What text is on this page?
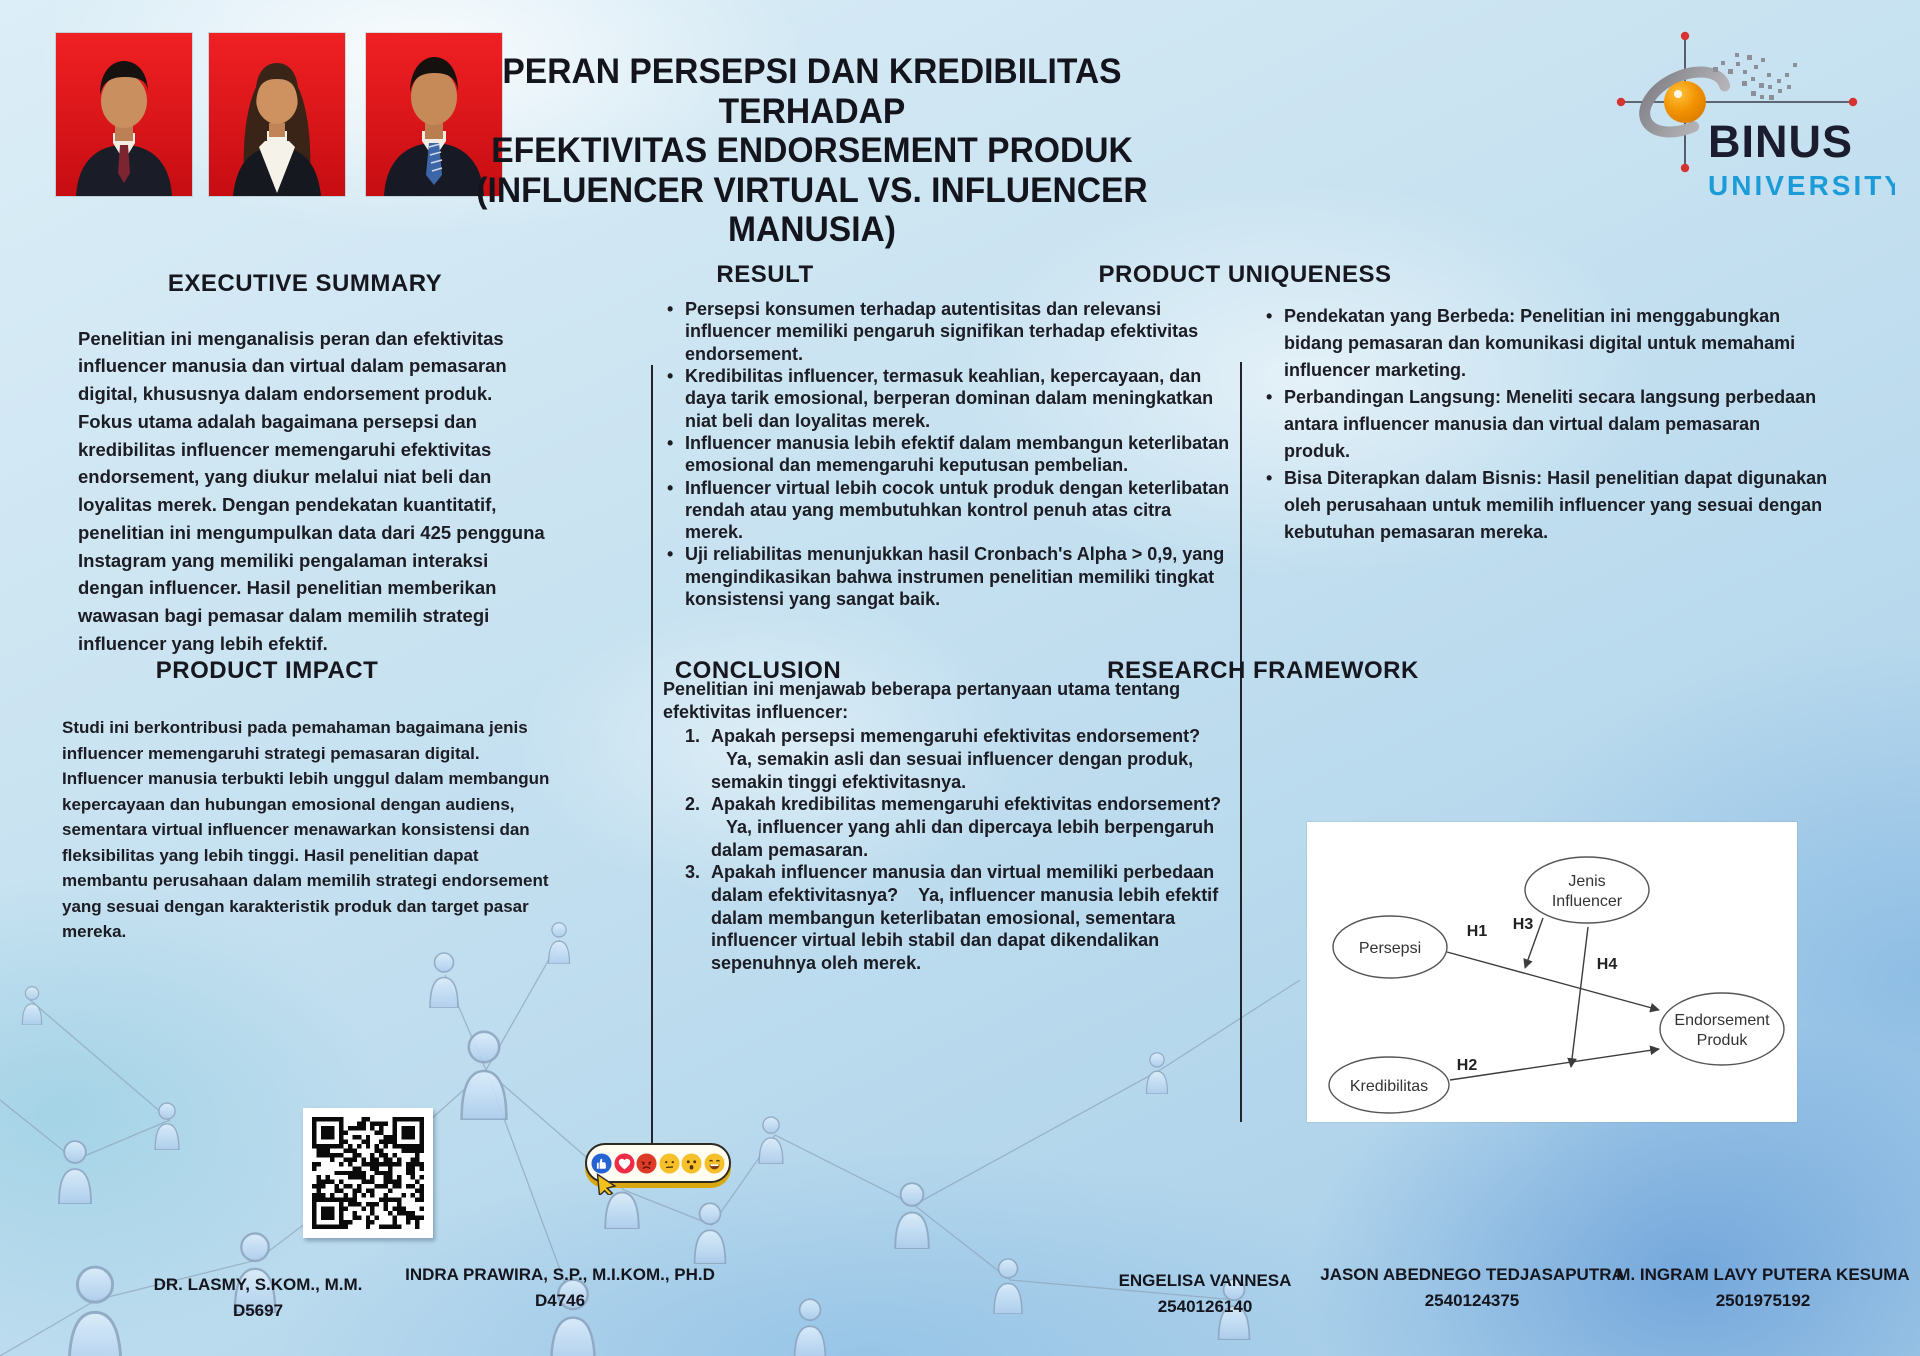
PERAN PERSEPSI DAN KREDIBILITAS TERHADAP
EFEKTIVITAS ENDORSEMENT PRODUK
(INFLUENCER VIRTUAL VS. INFLUENCER MANUSIA)
BINUS
UNIVERSITY
EXECUTIVE SUMMARY	RESULT	PRODUCT UNIQUENESS
PRODUCT IMPACT	CONCLUSION	RESEARCH FRAMEWORK

Penelitian ini menganalisis peran dan efektivitas influencer manusia dan virtual dalam pemasaran digital, khususnya dalam endorsement produk. Fokus utama adalah bagaimana persepsi dan kredibilitas influencer memengaruhi efektivitas endorsement, yang diukur melalui niat beli dan loyalitas merek. Dengan pendekatan kuantitatif, penelitian ini mengumpulkan data dari 425 pengguna Instagram yang memiliki pengalaman interaksi dengan influencer. Hasil penelitian memberikan wawasan bagi pemasar dalam memilih strategi influencer yang lebih efektif.

Studi ini berkontribusi pada pemahaman bagaimana jenis influencer memengaruhi strategi pemasaran digital. Influencer manusia terbukti lebih unggul dalam membangun kepercayaan dan hubungan emosional dengan audiens, sementara virtual influencer menawarkan konsistensi dan fleksibilitas yang lebih tinggi. Hasil penelitian dapat membantu perusahaan dalam memilih strategi endorsement yang sesuai dengan karakteristik produk dan target pasar mereka.

• Persepsi konsumen terhadap autentisitas dan relevansi influencer memiliki pengaruh signifikan terhadap efektivitas endorsement.
• Kredibilitas influencer, termasuk keahlian, kepercayaan, dan daya tarik emosional, berperan dominan dalam meningkatkan niat beli dan loyalitas merek.
• Influencer manusia lebih efektif dalam membangun keterlibatan emosional dan memengaruhi keputusan pembelian.
• Influencer virtual lebih cocok untuk produk dengan keterlibatan rendah atau yang membutuhkan kontrol penuh atas citra merek.
• Uji reliabilitas menunjukkan hasil Cronbach's Alpha > 0,9, yang mengindikasikan bahwa instrumen penelitian memiliki tingkat konsistensi yang sangat baik.

Penelitian ini menjawab beberapa pertanyaan utama tentang efektivitas influencer:

Apakah persepsi memengaruhi efektivitas endorsement?    Ya, semakin asli dan sesuai influencer dengan produk, semakin tinggi efektivitasnya.
Apakah kredibilitas memengaruhi efektivitas endorsement?    Ya, influencer yang ahli dan dipercaya lebih berpengaruh dalam pemasaran.
Apakah influencer manusia dan virtual memiliki perbedaan dalam efektivitasnya?    Ya, influencer manusia lebih efektif dalam membangun keterlibatan emosional, sementara influencer virtual lebih stabil dan dapat dikendalikan sepenuhnya oleh merek.
• Pendekatan yang Berbeda: Penelitian ini menggabungkan bidang pemasaran dan komunikasi digital untuk memahami influencer marketing.
• Perbandingan Langsung: Meneliti secara langsung perbedaan antara influencer manusia dan virtual dalam pemasaran produk.
• Bisa Diterapkan dalam Bisnis: Hasil penelitian dapat digunakan oleh perusahaan untuk memilih influencer yang sesuai dengan kebutuhan pemasaran mereka.
Jenis
Influencer
Persepsi
Kredibilitas
Endorsement
Produk
H1
H2
H3
H4
DR. LASMY, S.KOM., M.M.
D5697
INDRA PRAWIRA, S.P., M.I.KOM., PH.D
D4746
ENGELISA VANNESA
2540126140
JASON ABEDNEGO TEDJASAPUTRA
2540124375
M. INGRAM LAVY PUTERA KESUMA
2501975192
